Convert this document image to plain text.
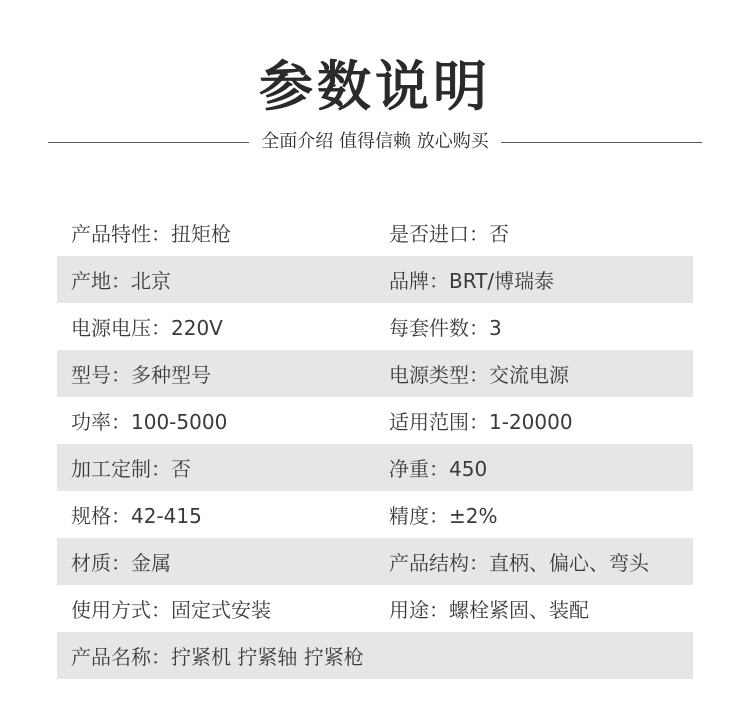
参数说明
全面介绍 值得信赖 放心购买
产品特性：扭矩枪	是否进口：否
产地：北京	品牌：BRT/博瑞泰
电源电压：220V	每套件数：3
型号：多种型号	电源类型：交流电源
功率：100-5000	适用范围：1-20000
加工定制：否	净重：450
规格：42-415	精度：±2%
材质：金属	产品结构：直柄、偏心、弯头
使用方式：固定式安装	用途：螺栓紧固、装配
产品名称：拧紧机 拧紧轴 拧紧枪
